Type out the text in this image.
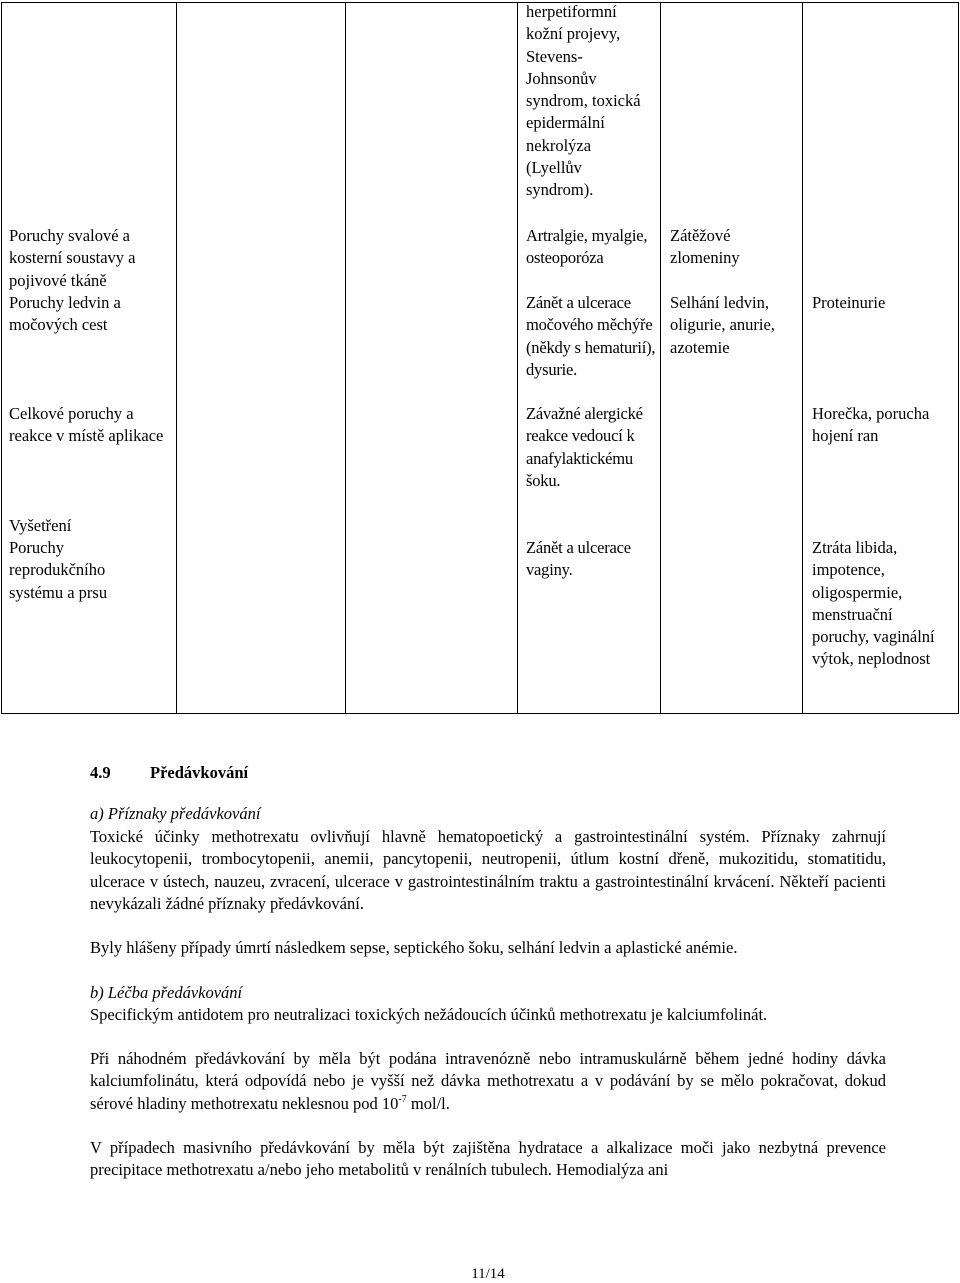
Poruchy svalové a kosterní soustavy a pojivové tkáně
Poruchy ledvin a močových cest
Celkové poruchy a reakce v místě aplikace
Vyšetření
Poruchy reprodukčního systému a prsu
herpetiformní kožní projevy, Stevens-Johnsonův syndrom, toxická epidermální nekrolýza (Lyellův syndrom).
Artralgie, myalgie, osteoporóza
Zánět a ulcerace močového měchýře (někdy s hematurií), dysurie.
Závažné alergické reakce vedoucí k anafylaktickému šoku.
Zánět a ulcerace vaginy.
Zátěžové zlomeniny
Selhání ledvin, oligurie, anurie, azotemie
Proteinurie
Horečka, porucha hojení ran
Ztráta libida, impotence, oligospermie, menstruační poruchy, vaginální výtok, neplodnost
4.9 Předávkování
a) Příznaky předávkování
Toxické účinky methotrexatu ovlivňují hlavně hematopoetický a gastrointestinální systém. Příznaky zahrnují leukocytopenii, trombocytopenii, anemii, pancytopenii, neutropenii, útlum kostní dřeně, mukozitidu, stomatitidu, ulcerace v ústech, nauzeu, zvracení, ulcerace v gastrointestinálním traktu a gastrointestinální krvácení. Někteří pacienti nevykázali žádné příznaky předávkování.
Byly hlášeny případy úmrtí následkem sepse, septického šoku, selhání ledvin a aplastické anémie.
b) Léčba předávkování
Specifickým antidotem pro neutralizaci toxických nežádoucích účinků methotrexatu je kalciumfolinát.
Při náhodném předávkování by měla být podána intravenózně nebo intramuskulárně během jedné hodiny dávka kalciumfolinátu, která odpovídá nebo je vyšší než dávka methotrexatu a v podávání by se mělo pokračovat, dokud sérové hladiny methotrexatu neklesnou pod $10^{-7}$ mol/l.
V případech masivního předávkování by měla být zajištěna hydratace a alkalizace moči jako nezbytná prevence precipitace methotrexatu a/nebo jeho metabolitů v renálních tubulech. Hemodialýza ani
11/14
